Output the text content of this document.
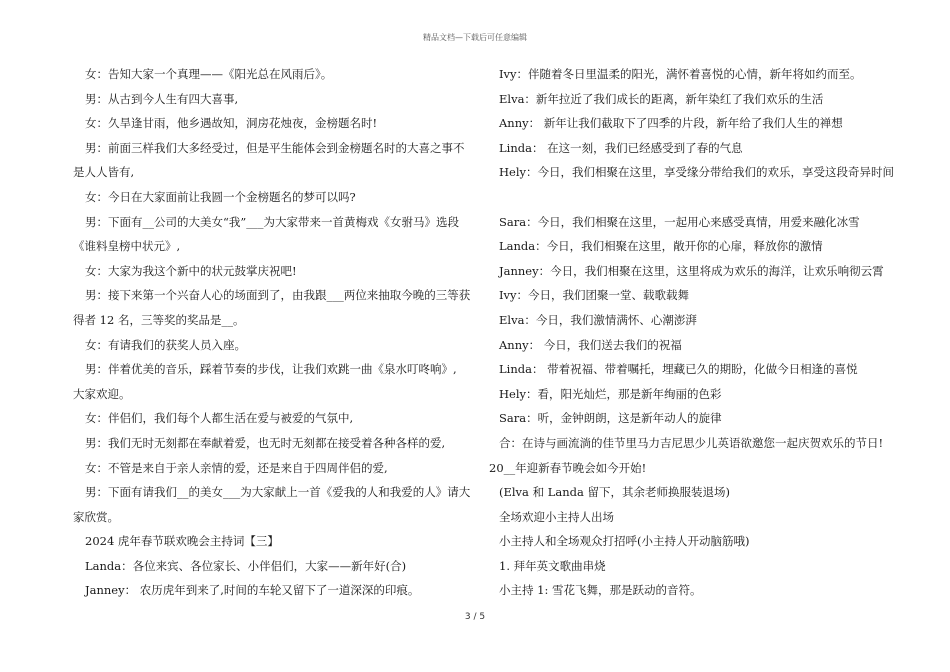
精品文档—下载后可任意编辑

女：告知大家一个真理——《阳光总在风雨后》。

男：从古到今人生有四大喜事,

女：久旱逢甘雨，他乡遇故知，洞房花烛夜，金榜题名时!

男：前面三样我们大多经受过，但是平生能体会到金榜题名时的大喜之事不

是人人皆有,

女：今日在大家面前让我圆一个金榜题名的梦可以吗?

男：下面有__公司的大美女“我”___为大家带来一首黄梅戏《女驸马》选段

《谁料皇榜中状元》,

女：大家为我这个新中的状元鼓掌庆祝吧!

男：接下来第一个兴奋人心的场面到了，由我跟___两位来抽取今晚的三等获

得者 12 名，三等奖的奖品是__。

女：有请我们的获奖人员入座。

男：伴着优美的音乐，踩着节奏的步伐，让我们欢跳一曲《泉水叮咚响》,

大家欢迎。

女：伴侣们，我们每个人都生活在爱与被爱的气氛中,

男：我们无时无刻都在奉献着爱，也无时无刻都在接受着各种各样的爱,

女：不管是来自于亲人亲情的爱，还是来自于四周伴侣的爱,

男：下面有请我们__的美女___为大家献上一首《爱我的人和我爱的人》请大

家欣赏。

2024 虎年春节联欢晚会主持词【三】

Landa：各位来宾、各位家长、小伴侣们，大家——新年好(合)

Janney： 农历虎年到来了,时间的车轮又留下了一道深深的印痕。

Ivy：伴随着冬日里温柔的阳光，满怀着喜悦的心情，新年将如约而至。

Elva：新年拉近了我们成长的距离，新年染红了我们欢乐的生活

Anny： 新年让我们截取下了四季的片段，新年给了我们人生的禅想

Linda： 在这一刻，我们已经感受到了春的气息

Hely：今日，我们相聚在这里，享受缘分带给我们的欢乐，享受这段奇异时间

Sara：今日，我们相聚在这里，一起用心来感受真情，用爱来融化冰雪

Landa：今日，我们相聚在这里，敞开你的心扉，释放你的激情

Janney：今日，我们相聚在这里，这里将成为欢乐的海洋，让欢乐响彻云霄

Ivy：今日，我们团聚一堂、载歌载舞

Elva：今日，我们激情满怀、心潮澎湃

Anny： 今日，我们送去我们的祝福

Linda： 带着祝福、带着嘱托，埋藏已久的期盼，化做今日相逢的喜悦

Hely：看，阳光灿烂，那是新年绚丽的色彩

Sara：听，金钟朗朗，这是新年动人的旋律

合：在诗与画流淌的佳节里马力吉尼思少儿英语欲邀您一起庆贺欢乐的节日!

20__年迎新春节晚会如今开始!

(Elva 和 Landa 留下，其余老师换服装退场)

全场欢迎小主持人出场

小主持人和全场观众打招呼(小主持人开动脑筋哦)

1. 拜年英文歌曲串烧

小主持 1: 雪花飞舞，那是跃动的音符。

3 / 5
